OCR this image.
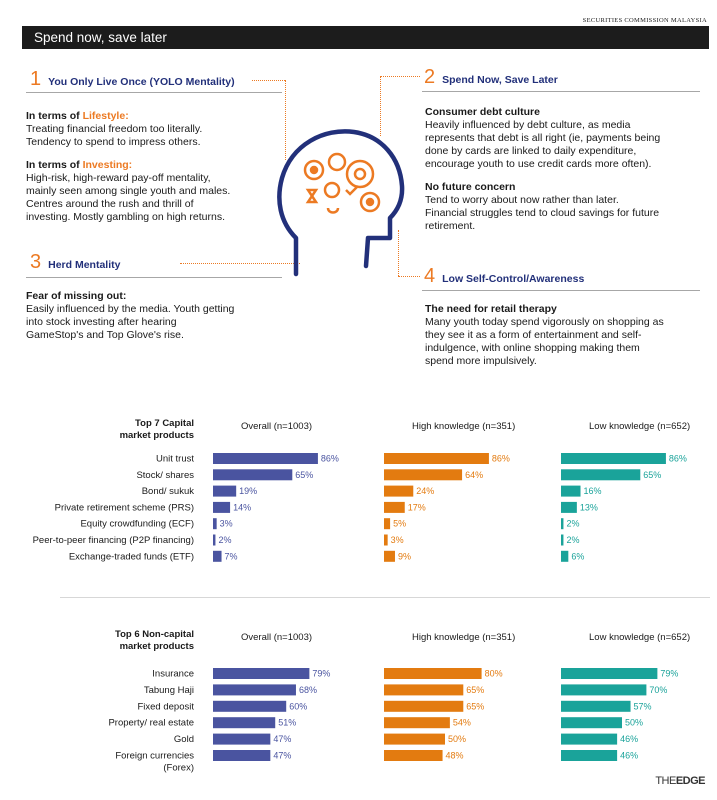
SECURITIES COMMISSION MALAYSIA
Spend now, save later
1 You Only Live Once (YOLO Mentality)
In terms of Lifestyle:
Treating financial freedom too literally.
Tendency to spend to impress others.
In terms of Investing:
High-risk, high-reward pay-off mentality,
mainly seen among single youth and males.
Centres around the rush and thrill of
investing. Mostly gambling on high returns.
3 Herd Mentality
Fear of missing out:
Easily influenced by the media. Youth getting
into stock investing after hearing
GameStop's and Top Glove's rise.
2 Spend Now, Save Later
Consumer debt culture
Heavily influenced by debt culture, as media
represents that debt is all right (ie, payments being
done by cards are linked to daily expenditure,
encourage youth to use credit cards more often).
No future concern
Tend to worry about now rather than later.
Financial struggles tend to cloud savings for future
retirement.
4 Low Self-Control/Awareness
The need for retail therapy
Many youth today spend vigorously on shopping as
they see it as a form of entertainment and self-
indulgence, with online shopping making them
spend more impulsively.
Top 7 Capital
market products
Overall (n=1003)	High knowledge (n=351)	Low knowledge (n=652)
Unit trust	86%	86%	86%
Stock/ shares	65%	64%	65%
Bond/ sukuk	19%	24%	16%
Private retirement scheme (PRS)	14%	17%	13%
Equity crowdfunding (ECF)	3%	5%	2%
Peer-to-peer financing (P2P financing)	2%	3%	2%
Exchange-traded funds (ETF)	7%	9%	6%
Top 6 Non-capital
market products
Overall (n=1003)	High knowledge (n=351)	Low knowledge (n=652)
Insurance	79%	80%	79%
Tabung Haji	68%	65%	70%
Fixed deposit	60%	65%	57%
Property/ real estate	51%	54%	50%
Gold	47%	50%	46%
Foreign currencies
(Forex)
47%	48%	46%
THEEDGE
